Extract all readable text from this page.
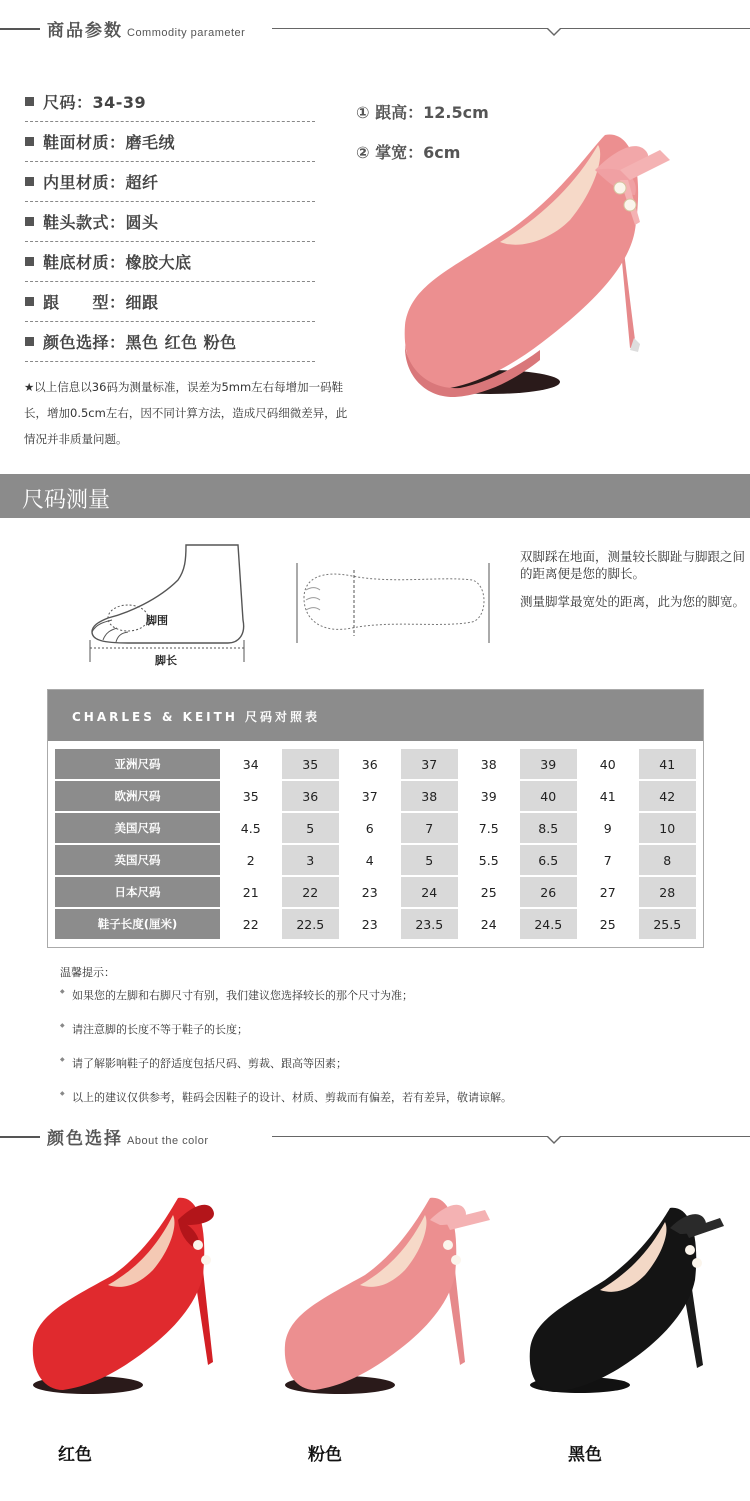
商品参数 Commodity parameter
尺码：34-39
鞋面材质：磨毛绒
内里材质：超纤
鞋头款式：圆头
鞋底材质：橡胶大底
跟　　型：细跟
颜色选择：黑色 红色 粉色
★以上信息以36码为测量标准，误差为5mm左右每增加一码鞋长，增加0.5cm左右，因不同计算方法，造成尺码细微差异，此情况并非质量问题。
① 跟高：12.5cm
② 掌宽：6cm
尺码测量
脚围
脚长

双脚踩在地面，测量较长脚趾与脚跟之间的距离便是您的脚长。

测量脚掌最宽处的距离，此为您的脚宽。

CHARLES & KEITH 尺码对照表
亚洲尺码	34	35	36	37	38	39	40	41
欧洲尺码	35	36	37	38	39	40	41	42
美国尺码	4.5	5	6	7	7.5	8.5	9	10
英国尺码	2	3	4	5	5.5	6.5	7	8
日本尺码	21	22	23	24	25	26	27	28
鞋子长度(厘米)	22	22.5	23	23.5	24	24.5	25	25.5
温馨提示：
◆ 如果您的左脚和右脚尺寸有别，我们建议您选择较长的那个尺寸为准；
◆ 请注意脚的长度不等于鞋子的长度；
◆ 请了解影响鞋子的舒适度包括尺码、剪裁、跟高等因素；
◆ 以上的建议仅供参考，鞋码会因鞋子的设计、材质、剪裁而有偏差，若有差异，敬请谅解。
颜色选择 About the color
红色	粉色	黑色
